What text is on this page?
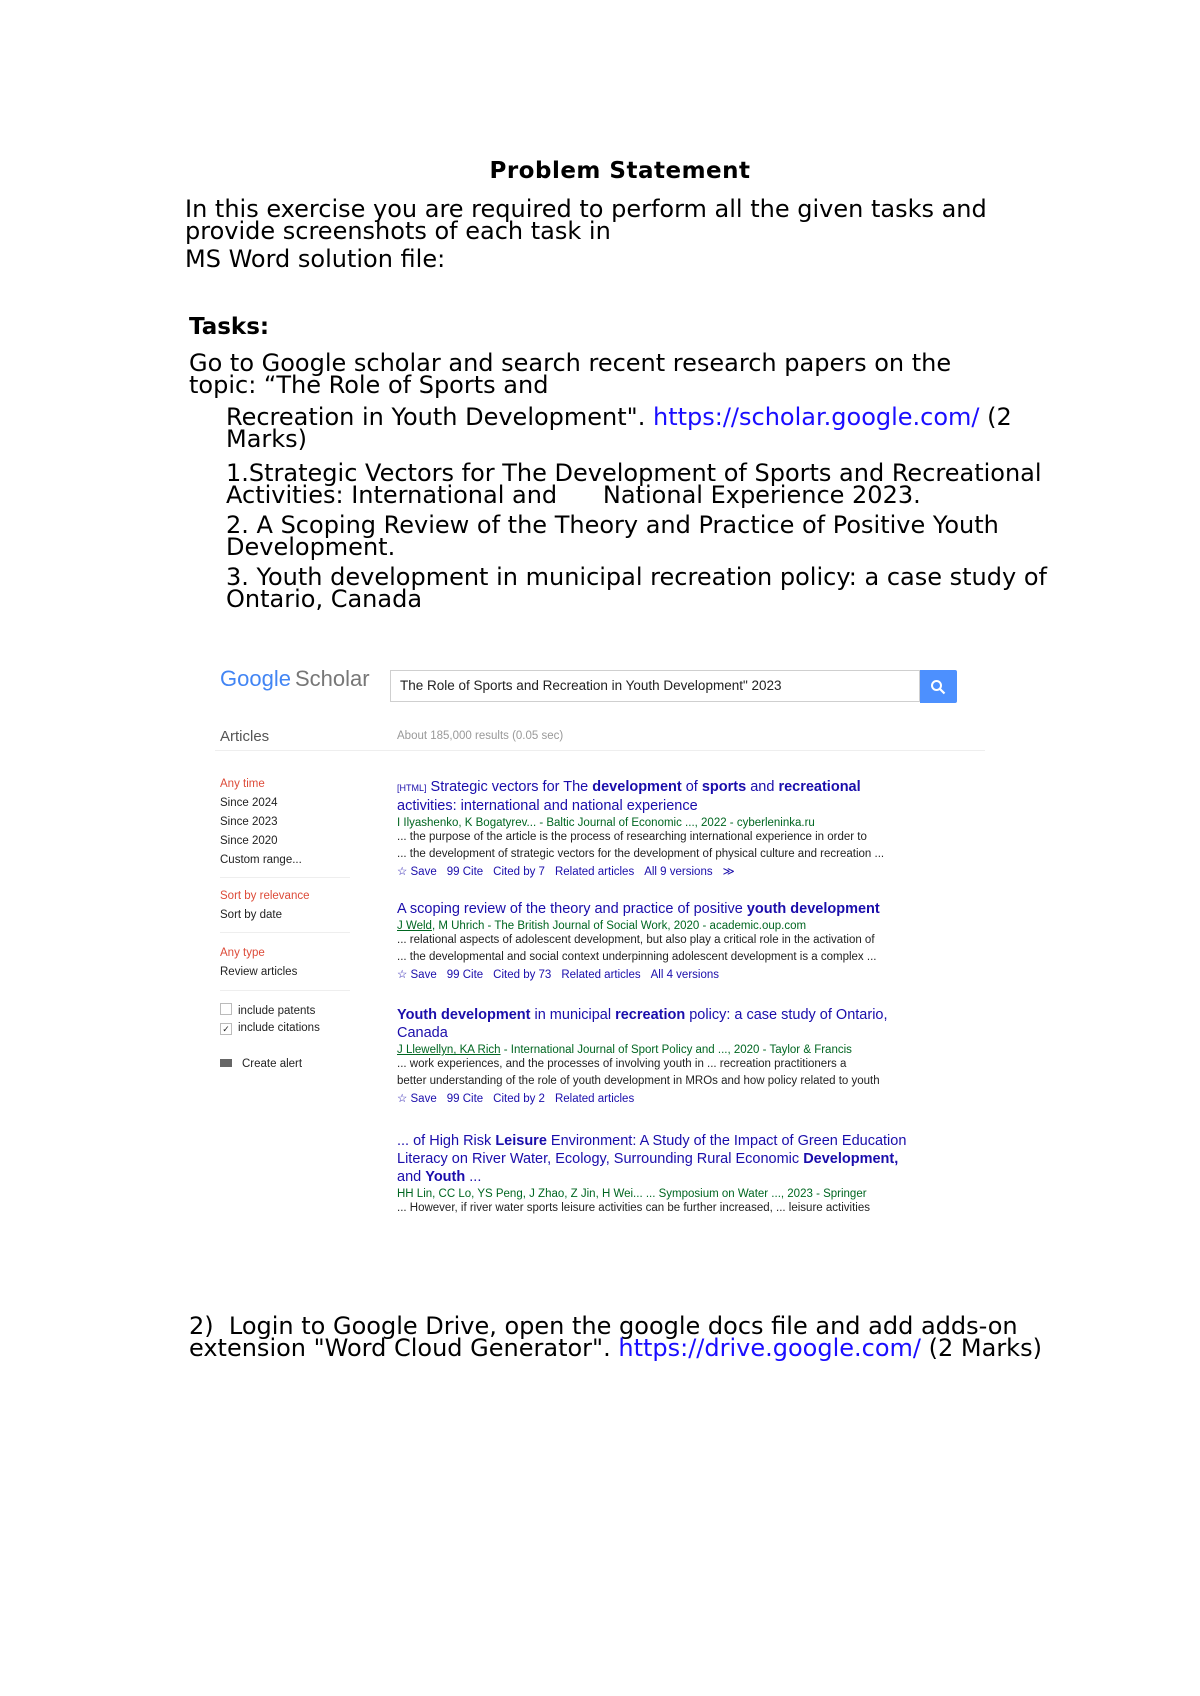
Problem Statement
In this exercise you are required to perform all the given tasks and
provide screenshots of each task in
MS Word solution file:
Tasks:
Go to Google scholar and search recent research papers on the
topic: “The Role of Sports and
Recreation in Youth Development". https://scholar.google.com/ (2
Marks)
1.Strategic Vectors for The Development of Sports and Recreational
Activities: International and      National Experience 2023.
2. A Scoping Review of the Theory and Practice of Positive Youth
Development.
3. Youth development in municipal recreation policy: a case study of
Ontario, Canada
Google Scholar	The Role of Sports and Recreation in Youth Development" 2023
Articles	About 185,000 results (0.05 sec)
Any time
Since 2024
Since 2023
Since 2020
Custom range...
Sort by relevance
Sort by date
Any type
Review articles
include patents
✓ include citations
Create alert
[HTML] Strategic vectors for The development of sports and recreational
activities: international and national experience
I Ilyashenko, K Bogatyrev... - Baltic Journal of Economic ..., 2022 - cyberleninka.ru
... the purpose of the article is the process of researching international experience in order to
... the development of strategic vectors for the development of physical culture and recreation ...
☆ Save 99 Cite Cited by 7 Related articles All 9 versions ≫
A scoping review of the theory and practice of positive youth development
J Weld, M Uhrich - The British Journal of Social Work, 2020 - academic.oup.com
... relational aspects of adolescent development, but also play a critical role in the activation of
... the developmental and social context underpinning adolescent development is a complex ...
☆ Save 99 Cite Cited by 73 Related articles All 4 versions
Youth development in municipal recreation policy: a case study of Ontario,
Canada
J Llewellyn, KA Rich - International Journal of Sport Policy and ..., 2020 - Taylor & Francis
... work experiences, and the processes of involving youth in ... recreation practitioners a
better understanding of the role of youth development in MROs and how policy related to youth
☆ Save 99 Cite Cited by 2 Related articles
... of High Risk Leisure Environment: A Study of the Impact of Green Education
Literacy on River Water, Ecology, Surrounding Rural Economic Development,
and Youth ...
HH Lin, CC Lo, YS Peng, J Zhao, Z Jin, H Wei... ... Symposium on Water ..., 2023 - Springer
... However, if river water sports leisure activities can be further increased, ... leisure activities
2)  Login to Google Drive, open the google docs file and add adds-on
extension "Word Cloud Generator". https://drive.google.com/ (2 Marks)
